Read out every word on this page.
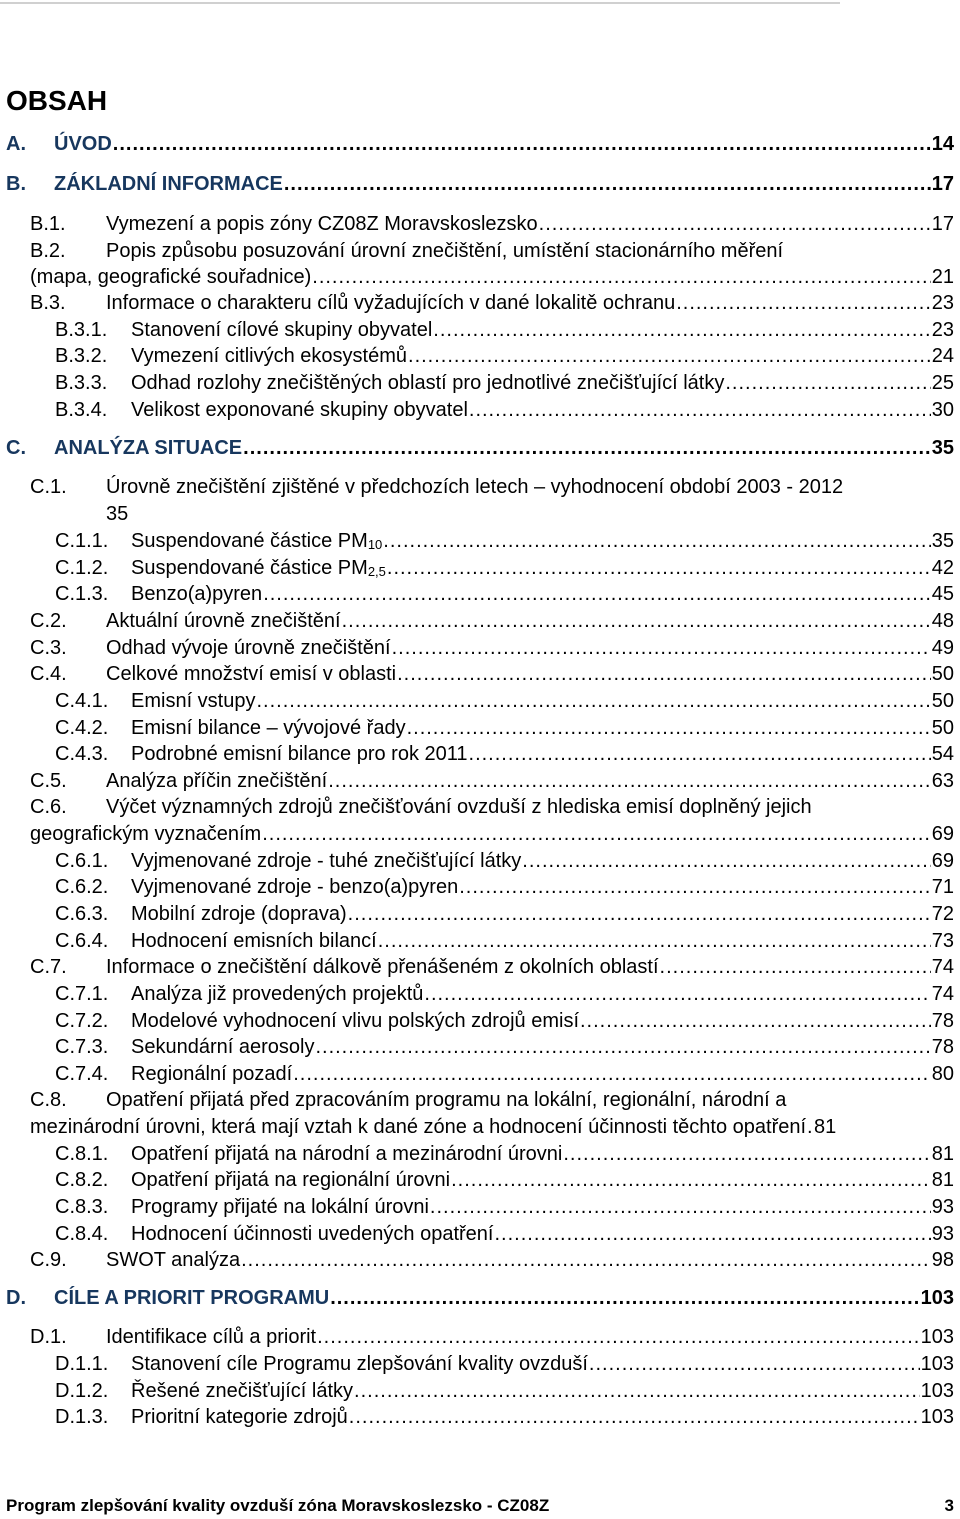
OBSAH
A. ÚVOD .....	14
B. ZÁKLADNÍ INFORMACE .....	17
B.1. Vymezení a popis zóny CZ08Z Moravskoslezsko .....	17
B.2. Popis způsobu posuzování úrovní znečištění, umístění stacionárního měření
(mapa, geografické souřadnice) .....	21
B.3. Informace o charakteru cílů vyžadujících v dané lokalitě ochranu .....	23
B.3.1. Stanovení cílové skupiny obyvatel .....	23
B.3.2. Vymezení citlivých ekosystémů .....	24
B.3.3. Odhad rozlohy znečištěných oblastí pro jednotlivé znečišťující látky .....	25
B.3.4. Velikost exponované skupiny obyvatel .....	30
C. ANALÝZA SITUACE .....	35
C.1. Úrovně znečištění zjištěné v předchozích letech – vyhodnocení období 2003 - 2012
35
C.1.1. Suspendované částice $PM_{10}$ .....	35
C.1.2. Suspendované částice $PM_{2,5}$ .....	42
C.1.3. Benzo(a)pyren .....	45
C.2. Aktuální úrovně znečištění .....	48
C.3. Odhad vývoje úrovně znečištění .....	49
C.4. Celkové množství emisí v oblasti .....	50
C.4.1. Emisní vstupy .....	50
C.4.2. Emisní bilance – vývojové řady .....	50
C.4.3. Podrobné emisní bilance pro rok 2011 .....	54
C.5. Analýza příčin znečištění .....	63
C.6. Výčet významných zdrojů znečišťování ovzduší z hlediska emisí doplněný jejich
geografickým vyznačením .....	69
C.6.1. Vyjmenované zdroje - tuhé znečišťující látky .....	69
C.6.2. Vyjmenované zdroje - benzo(a)pyren .....	71
C.6.3. Mobilní zdroje (doprava) .....	72
C.6.4. Hodnocení emisních bilancí .....	73
C.7. Informace o znečištění dálkově přenášeném z okolních oblastí .....	74
C.7.1. Analýza již provedených projektů .....	74
C.7.2. Modelové vyhodnocení vlivu polských zdrojů emisí .....	78
C.7.3. Sekundární aerosoly .....	78
C.7.4. Regionální pozadí .....	80
C.8. Opatření přijatá před zpracováním programu na lokální, regionální, národní a
mezinárodní úrovni, která mají vztah k dané zóne a hodnocení účinnosti těchto opatření ..... 81
C.8.1. Opatření přijatá na národní a mezinárodní úrovni .....	81
C.8.2. Opatření přijatá na regionální úrovni .....	81
C.8.3. Programy přijaté na lokální úrovni .....	93
C.8.4. Hodnocení účinnosti uvedených opatření .....	93
C.9. SWOT analýza .....	98
D. CÍLE A PRIORIT PROGRAMU .....	103
D.1. Identifikace cílů a priorit .....	103
D.1.1. Stanovení cíle Programu zlepšování kvality ovzduší .....	103
D.1.2. Řešené znečišťující látky .....	103
D.1.3. Prioritní kategorie zdrojů .....	103
Program zlepšování kvality ovzduší zóna Moravskoslezsko - CZ08Z	3
